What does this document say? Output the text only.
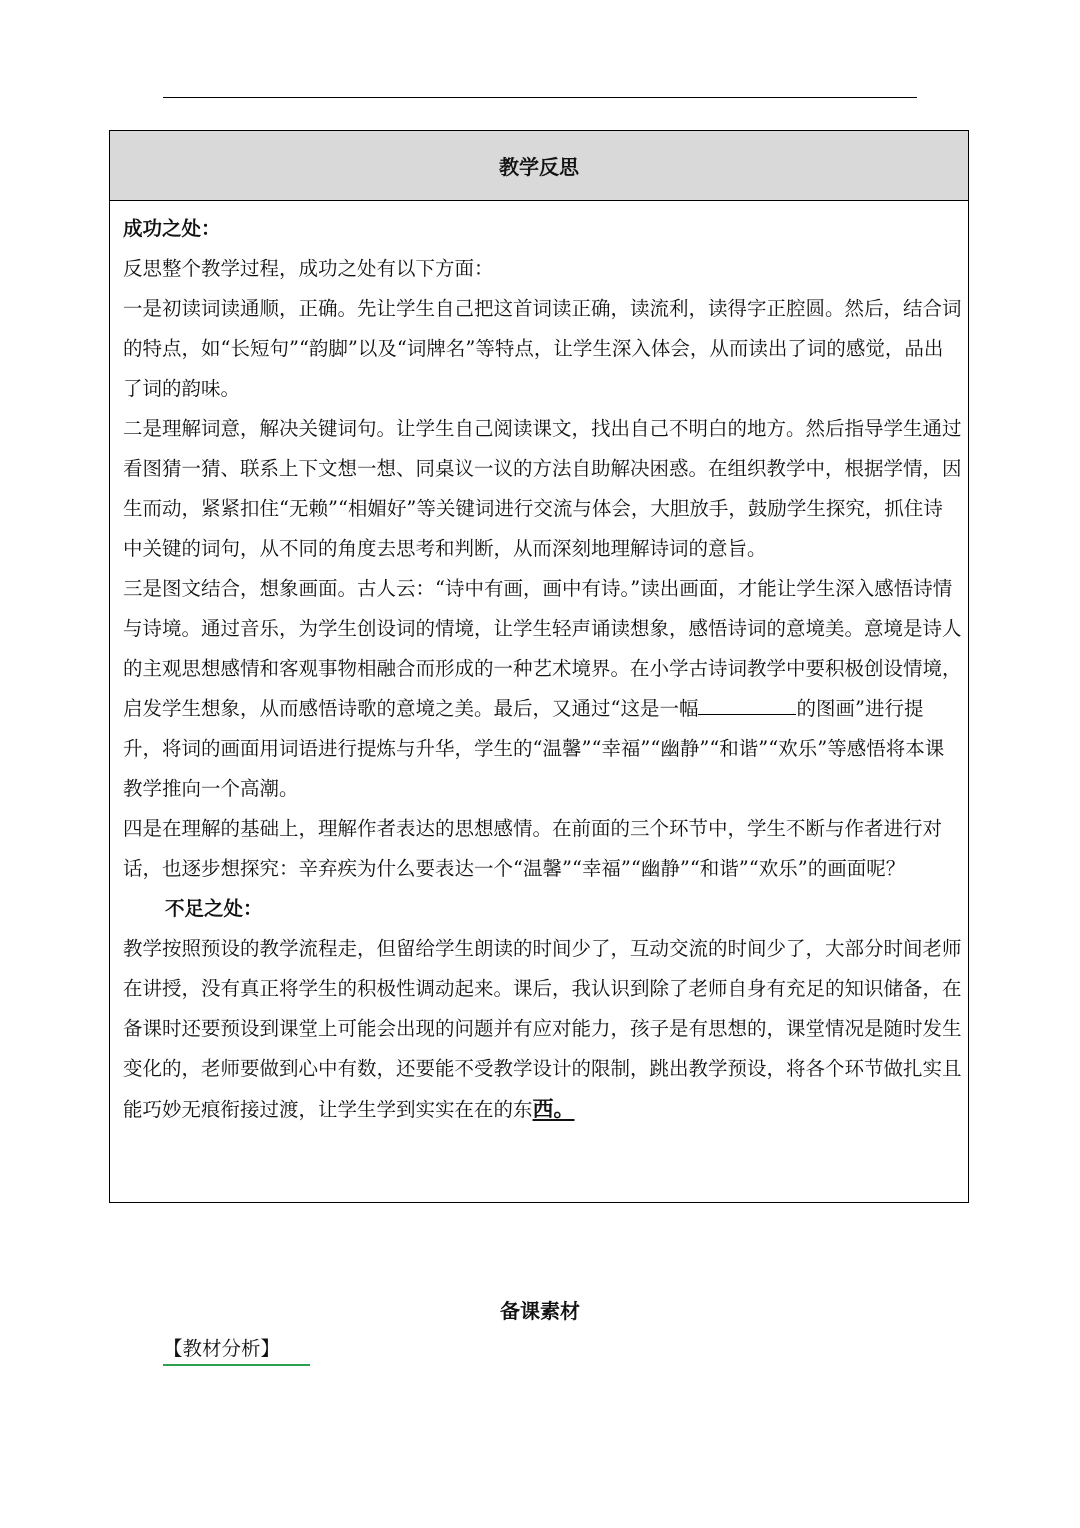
教学反思

成功之处：

反思整个教学过程，成功之处有以下方面：

一是初读词读通顺，正确。先让学生自己把这首词读正确，读流利，读得字正腔圆。然后，结合词的特点，如“长短句”“韵脚”以及“词牌名”等特点，让学生深入体会，从而读出了词的感觉，品出了词的韵味。

二是理解词意，解决关键词句。让学生自己阅读课文，找出自己不明白的地方。然后指导学生通过看图猜一猜、联系上下文想一想、同桌议一议的方法自助解决困惑。在组织教学中，根据学情，因生而动，紧紧扣住“无赖”“相媚好”等关键词进行交流与体会，大胆放手，鼓励学生探究，抓住诗中关键的词句，从不同的角度去思考和判断，从而深刻地理解诗词的意旨。

三是图文结合，想象画面。古人云：“诗中有画，画中有诗。”读出画面，才能让学生深入感悟诗情与诗境。通过音乐，为学生创设词的情境，让学生轻声诵读想象，感悟诗词的意境美。意境是诗人的主观思想感情和客观事物相融合而形成的一种艺术境界。在小学古诗词教学中要积极创设情境，启发学生想象，从而感悟诗歌的意境之美。最后，又通过“这是一幅	的图画”进行提升，将词的画面用词语进行提炼与升华，学生的“温馨”“幸福”“幽静”“和谐”“欢乐”等感悟将本课教学推向一个高潮。

四是在理解的基础上，理解作者表达的思想感情。在前面的三个环节中，学生不断与作者进行对话，也逐步想探究：辛弃疾为什么要表达一个“温馨”“幸福”“幽静”“和谐”“欢乐”的画面呢？

不足之处：

教学按照预设的教学流程走，但留给学生朗读的时间少了，互动交流的时间少了，大部分时间老师在讲授，没有真正将学生的积极性调动起来。课后，我认识到除了老师自身有充足的知识储备，在备课时还要预设到课堂上可能会出现的问题并有应对能力，孩子是有思想的，课堂情况是随时发生变化的，老师要做到心中有数，还要能不受教学设计的限制，跳出教学预设，将各个环节做扎实且能巧妙无痕衔接过渡，让学生学到实实在在的东西。

备课素材
【教材分析】
